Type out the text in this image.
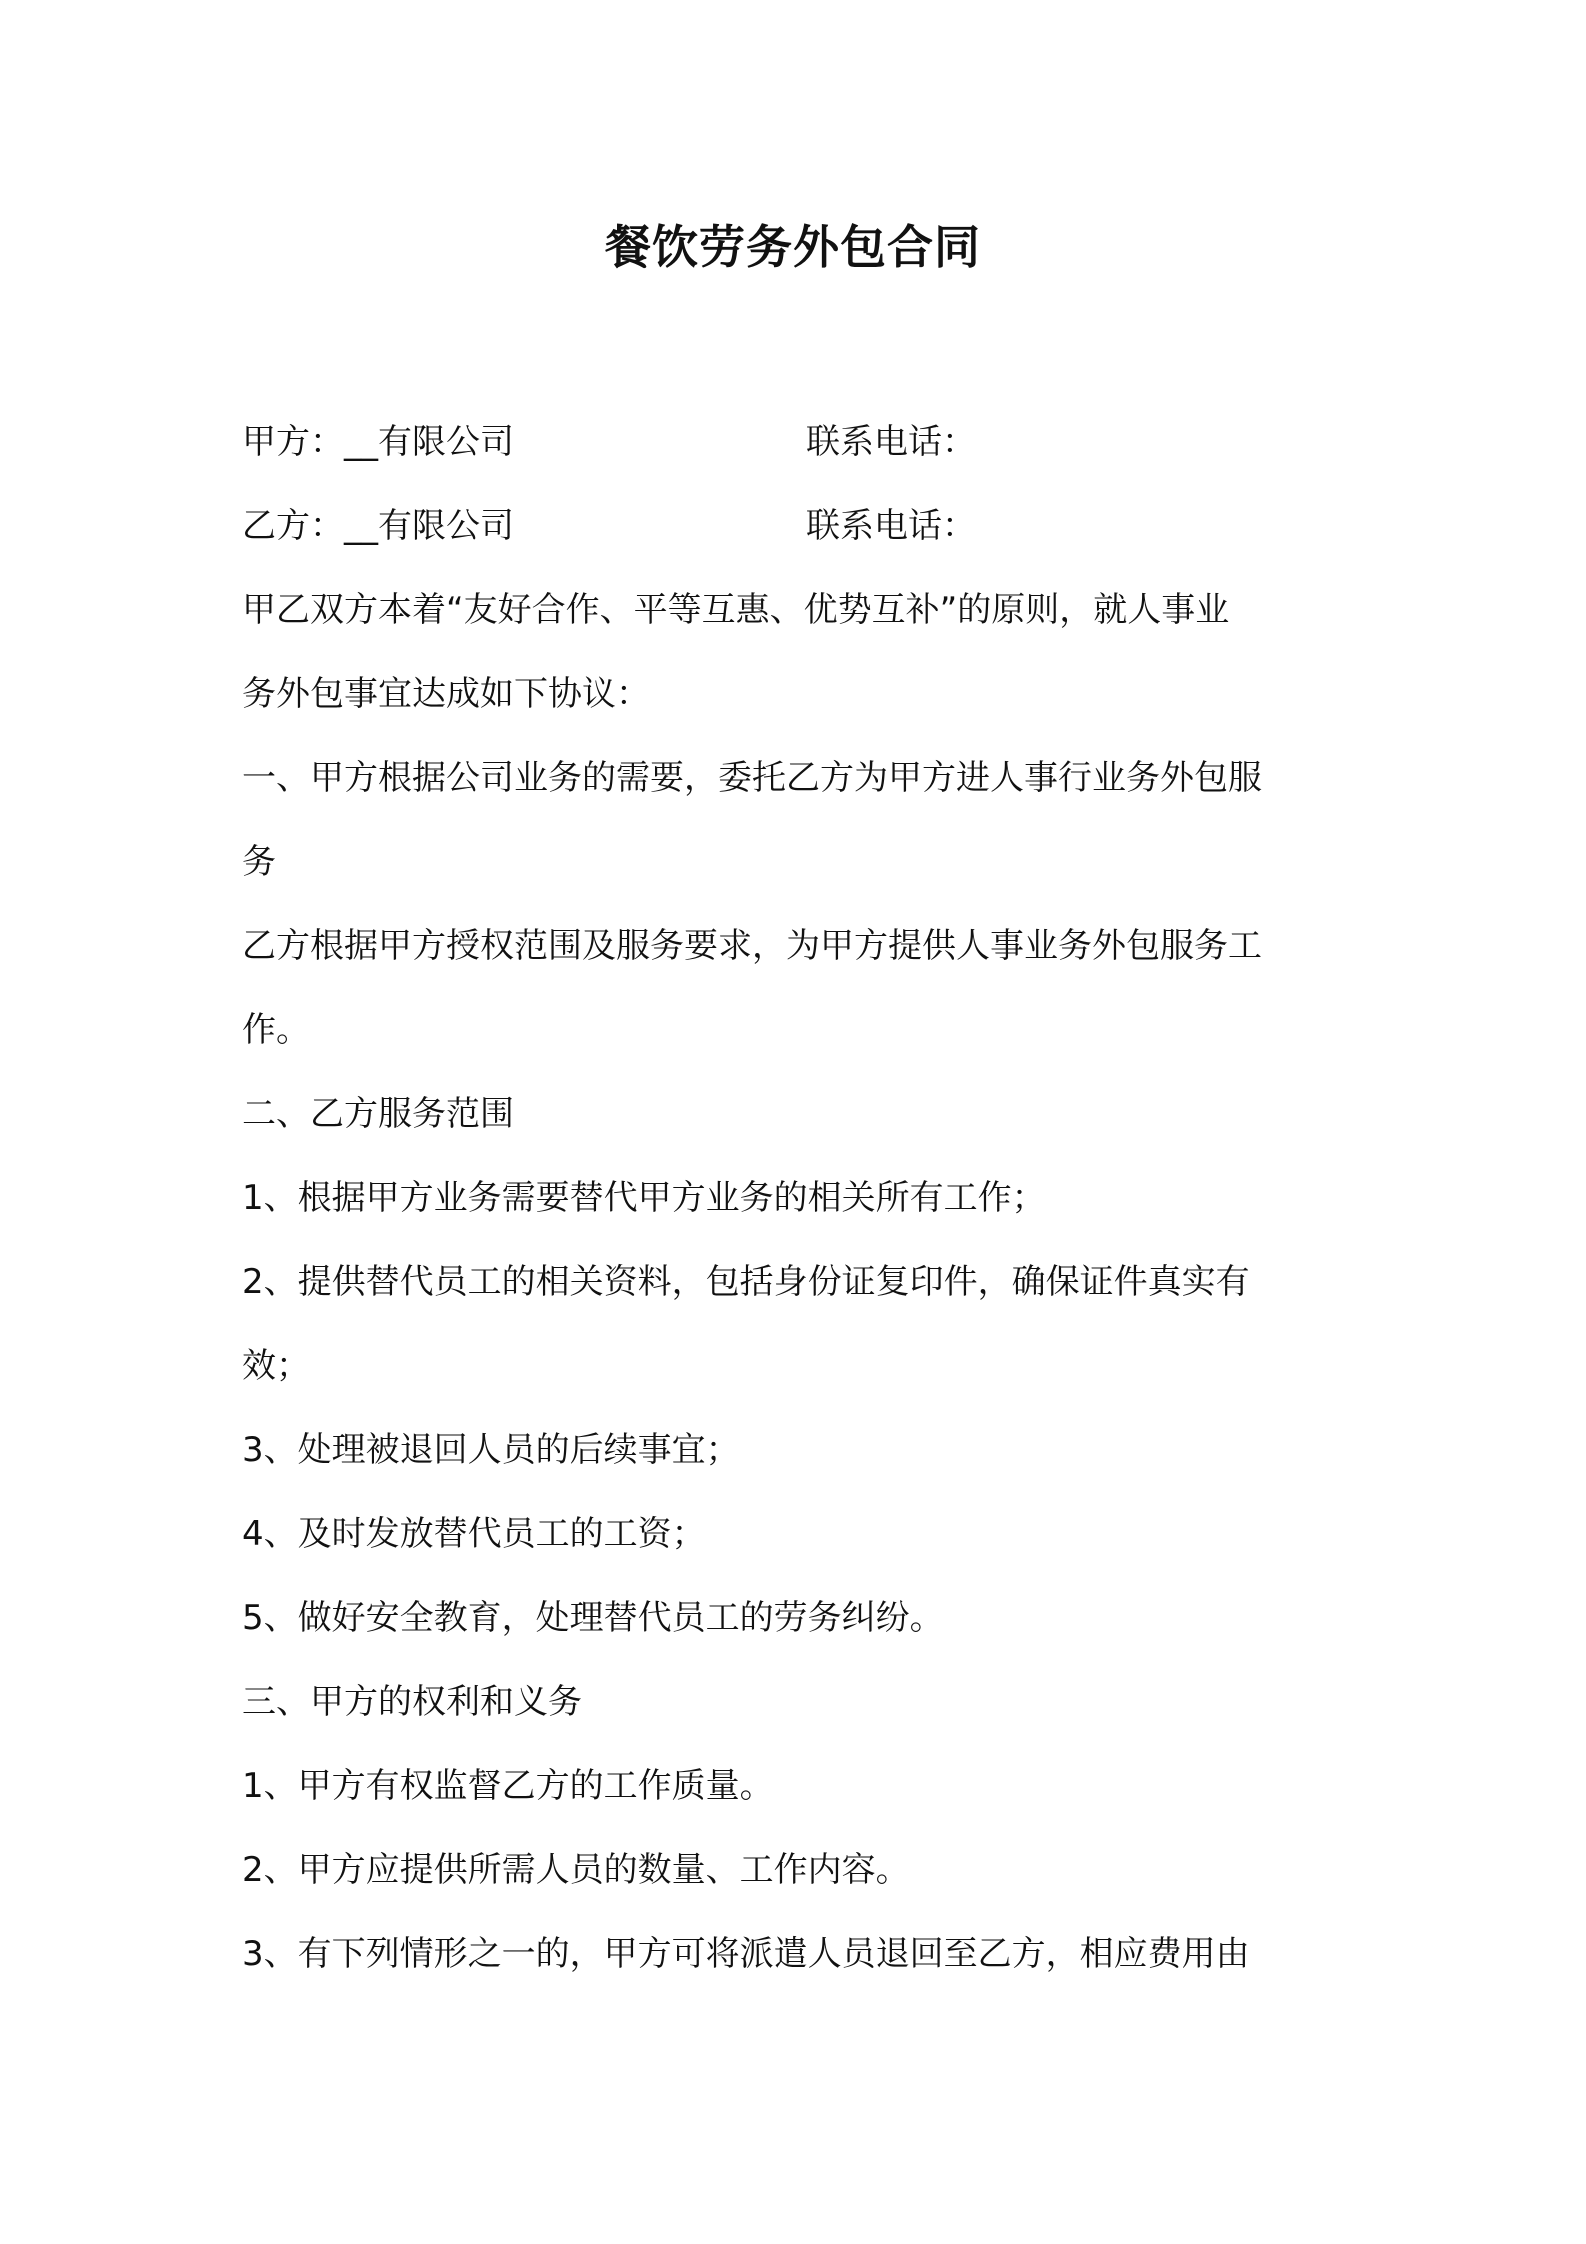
餐饮劳务外包合同
甲方：__有限公司	联系电话：
乙方：__有限公司	联系电话：
甲乙双方本着“友好合作、平等互惠、优势互补”的原则，就人事业
务外包事宜达成如下协议：
一、甲方根据公司业务的需要，委托乙方为甲方进人事行业务外包服
务
乙方根据甲方授权范围及服务要求，为甲方提供人事业务外包服务工
作。
二、乙方服务范围
1、根据甲方业务需要替代甲方业务的相关所有工作；
2、提供替代员工的相关资料，包括身份证复印件，确保证件真实有
效；
3、处理被退回人员的后续事宜；
4、及时发放替代员工的工资；
5、做好安全教育，处理替代员工的劳务纠纷。
三、甲方的权利和义务
1、甲方有权监督乙方的工作质量。
2、甲方应提供所需人员的数量、工作内容。
3、有下列情形之一的，甲方可将派遣人员退回至乙方，相应费用由
